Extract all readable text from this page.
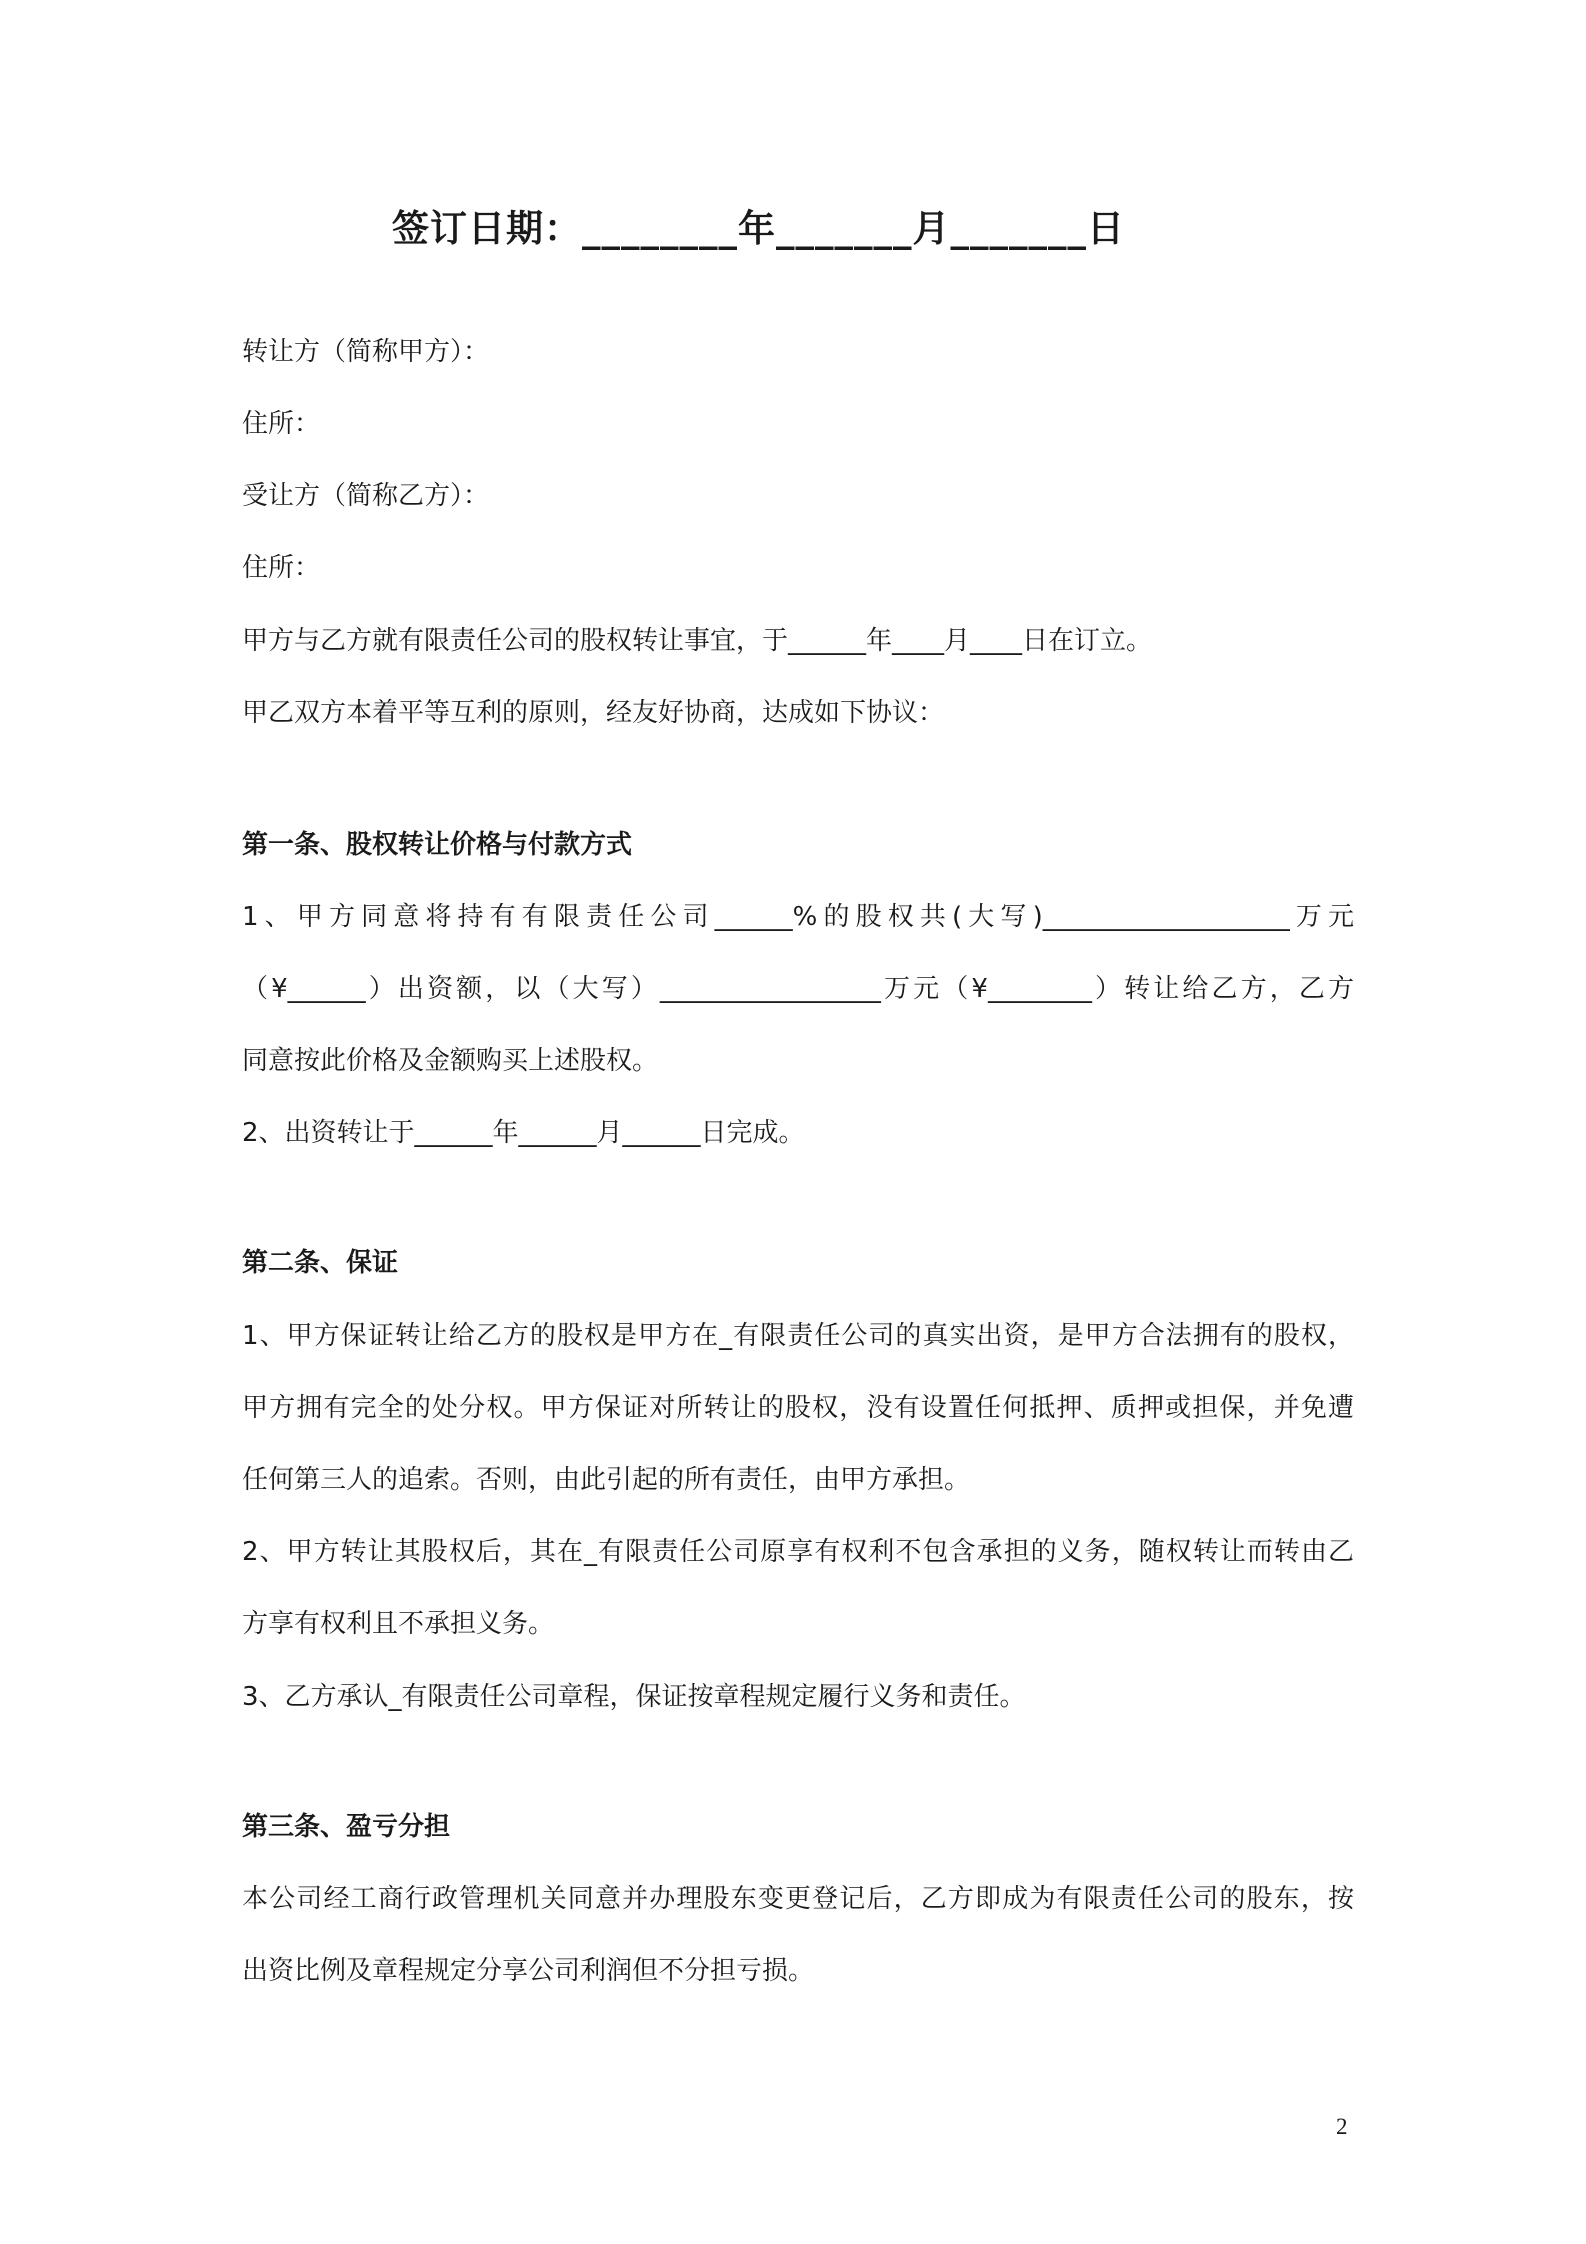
签订日期：________年_______月_______日
转让方（简称甲方）：
住所：
受让方（简称乙方）：
住所：
甲方与乙方就有限责任公司的股权转让事宜，于______年____月____日在订立。
甲乙双方本着平等互利的原则，经友好协商，达成如下协议：
第一条、股权转让价格与付款方式
1、甲方同意将持有有限责任公司______%的股权共(大写)___________________万元
（¥______）出资额，以（大写）_________________万元（¥________）转让给乙方，乙方
同意按此价格及金额购买上述股权。
2、出资转让于______年______月______日完成。
第二条、保证
1、甲方保证转让给乙方的股权是甲方在_有限责任公司的真实出资，是甲方合法拥有的股权，
甲方拥有完全的处分权。甲方保证对所转让的股权，没有设置任何抵押、质押或担保，并免遭
任何第三人的追索。否则，由此引起的所有责任，由甲方承担。
2、甲方转让其股权后，其在_有限责任公司原享有权利不包含承担的义务，随权转让而转由乙
方享有权利且不承担义务。
3、乙方承认_有限责任公司章程，保证按章程规定履行义务和责任。
第三条、盈亏分担
本公司经工商行政管理机关同意并办理股东变更登记后，乙方即成为有限责任公司的股东，按
出资比例及章程规定分享公司利润但不分担亏损。
2
